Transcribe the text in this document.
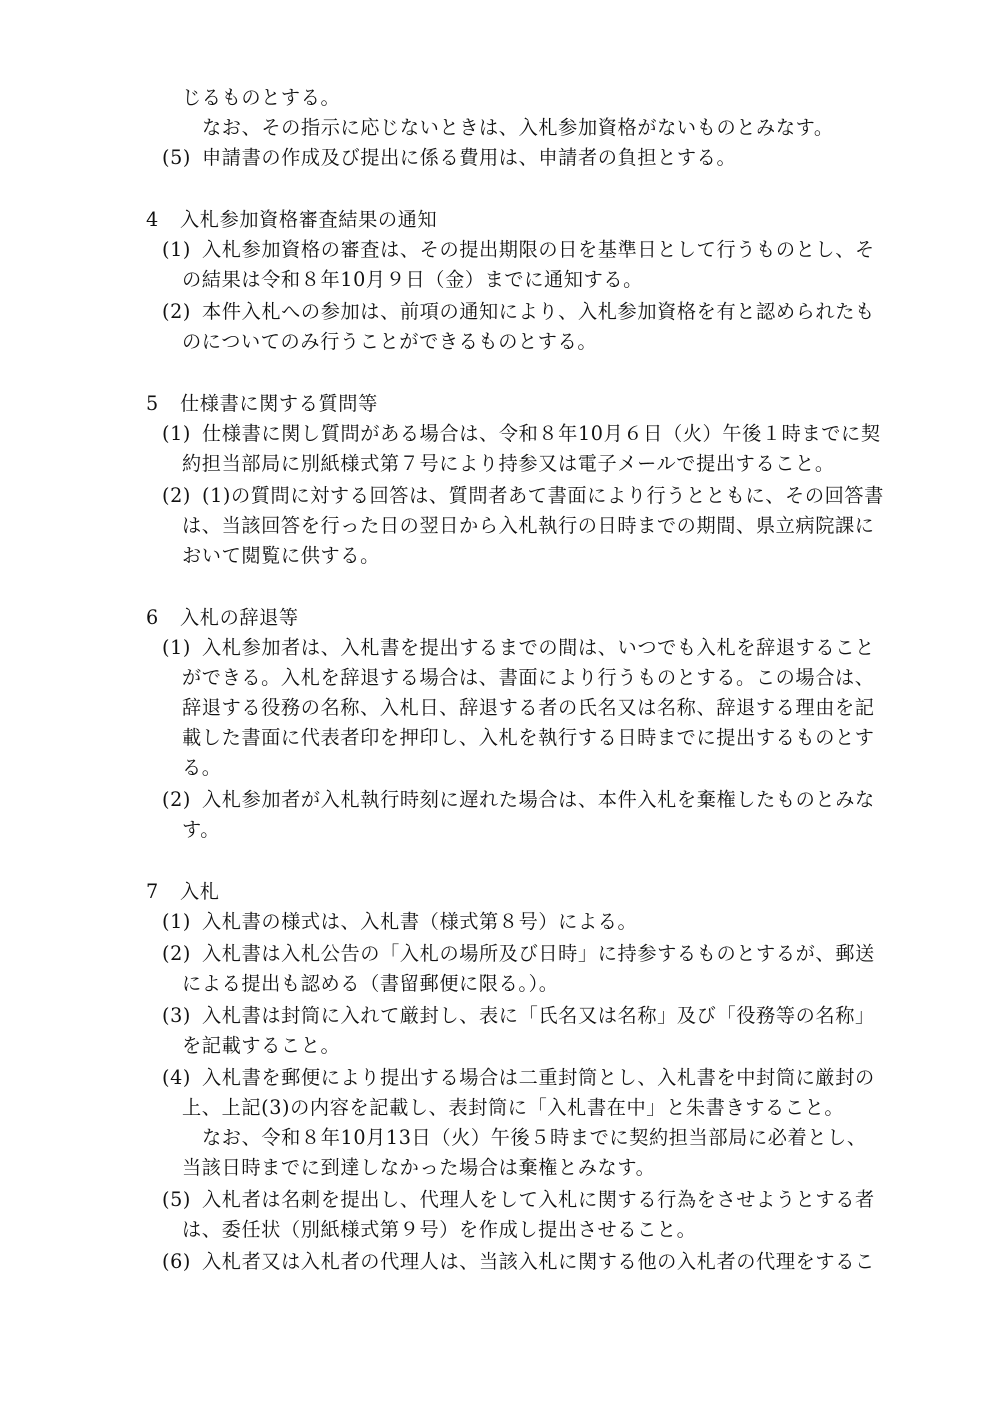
じるものとする。
なお、その指示に応じないときは、入札参加資格がないものとみなす。
(5) 申請書の作成及び提出に係る費用は、申請者の負担とする。
4 入札参加資格審査結果の通知
(1) 入札参加資格の審査は、その提出期限の日を基準日として行うものとし、そ
の結果は令和８年10月９日（金）までに通知する。
(2) 本件入札への参加は、前項の通知により、入札参加資格を有と認められたも
のについてのみ行うことができるものとする。
5 仕様書に関する質問等
(1) 仕様書に関し質問がある場合は、令和８年10月６日（火）午後１時までに契
約担当部局に別紙様式第７号により持参又は電子メールで提出すること。
(2) (1)の質問に対する回答は、質問者あて書面により行うとともに、その回答書
は、当該回答を行った日の翌日から入札執行の日時までの期間、県立病院課に
おいて閲覧に供する。
6 入札の辞退等
(1) 入札参加者は、入札書を提出するまでの間は、いつでも入札を辞退すること
ができる。入札を辞退する場合は、書面により行うものとする。この場合は、
辞退する役務の名称、入札日、辞退する者の氏名又は名称、辞退する理由を記
載した書面に代表者印を押印し、入札を執行する日時までに提出するものとす
る。
(2) 入札参加者が入札執行時刻に遅れた場合は、本件入札を棄権したものとみな
す。
7 入札
(1) 入札書の様式は、入札書（様式第８号）による。
(2) 入札書は入札公告の「入札の場所及び日時」に持参するものとするが、郵送
による提出も認める（書留郵便に限る。）。
(3) 入札書は封筒に入れて厳封し、表に「氏名又は名称」及び「役務等の名称」
を記載すること。
(4) 入札書を郵便により提出する場合は二重封筒とし、入札書を中封筒に厳封の
上、上記(3)の内容を記載し、表封筒に「入札書在中」と朱書きすること。
なお、令和８年10月13日（火）午後５時までに契約担当部局に必着とし、
当該日時までに到達しなかった場合は棄権とみなす。
(5) 入札者は名刺を提出し、代理人をして入札に関する行為をさせようとする者
は、委任状（別紙様式第９号）を作成し提出させること。
(6) 入札者又は入札者の代理人は、当該入札に関する他の入札者の代理をするこ
